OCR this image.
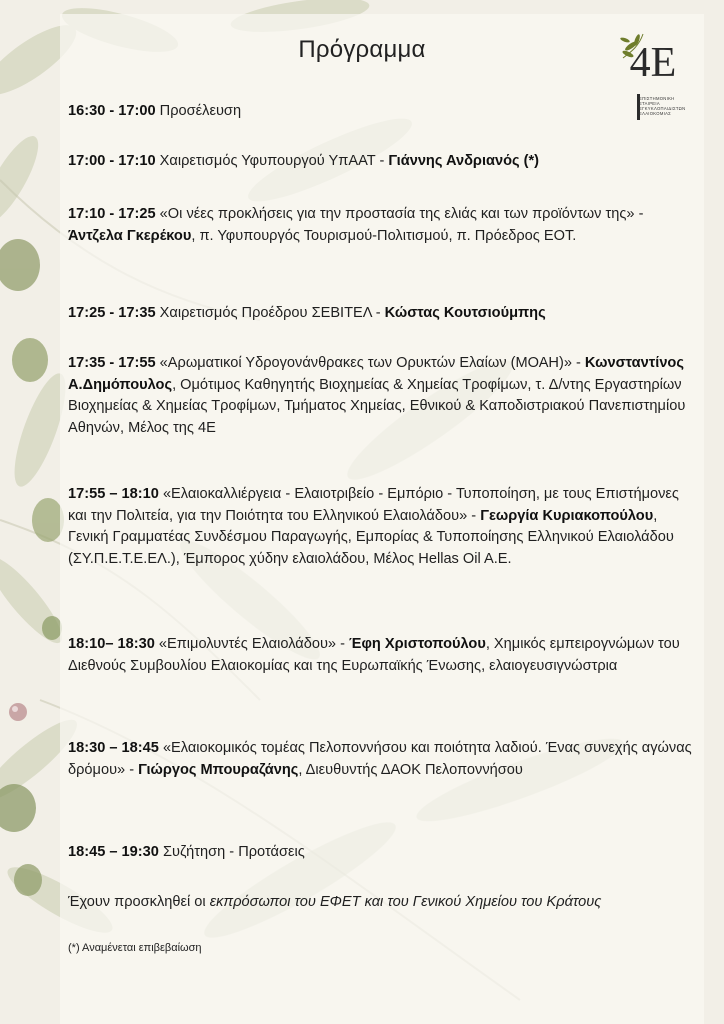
Πρόγραμμα	4E
ΕΠΙΣΤΗΜΟΝΙΚΗ
ΕΤΑΙΡΕΙΑ
ΕΓΚΥΚΛΟΠΑΙΔΙΣΤΩΝ
ΕΛΑΙΟΚΟΜΙΑΣ
16:30 - 17:00 Προσέλευση
17:00 - 17:10 Χαιρετισμός Υφυπουργού ΥπΑΑΤ - Γιάννης Ανδριανός (*)
17:10 - 17:25 «Οι νέες προκλήσεις για την προστασία της ελιάς και των προϊόντων της» - Άντζελα Γκερέκου, π. Υφυπουργός Τουρισμού-Πολιτισμού, π. Πρόεδρος ΕΟΤ.
17:25 - 17:35 Χαιρετισμός Προέδρου ΣΕΒΙΤΕΛ - Κώστας Κουτσιούμπης
17:35 - 17:55 «Αρωματικοί Υδρογονάνθρακες των Ορυκτών Ελαίων (ΜΟΑΗ)» - Κωνσταντίνος Α.Δημόπουλος, Ομότιμος Καθηγητής Βιοχημείας & Χημείας Τροφίμων, τ. Δ/ντης Εργαστηρίων Βιοχημείας & Χημείας Τροφίμων, Τμήματος Χημείας, Εθνικού & Καποδιστριακού Πανεπιστημίου Αθηνών, Μέλος της 4Ε
17:55 – 18:10 «Ελαιοκαλλιέργεια - Ελαιοτριβείο - Εμπόριο - Τυποποίηση, με τους Επιστήμονες και την Πολιτεία, για την Ποιότητα του Ελληνικού Ελαιολάδου» - Γεωργία Κυριακοπούλου, Γενική Γραμματέας Συνδέσμου Παραγωγής, Εμπορίας & Τυποποίησης Ελληνικού Ελαιολάδου (ΣΥ.Π.Ε.Τ.Ε.ΕΛ.), Έμπορος χύδην ελαιολάδου, Μέλος Hellas Oil A.E.
18:10– 18:30 «Επιμολυντές Ελαιολάδου» - Έφη Χριστοπούλου, Χημικός εμπειρογνώμων του Διεθνούς Συμβουλίου Ελαιοκομίας και της Ευρωπαϊκής Ένωσης, ελαιογευσιγνώστρια
18:30 – 18:45 «Ελαιοκομικός τομέας Πελοποννήσου και ποιότητα λαδιού. Ένας συνεχής αγώνας δρόμου» - Γιώργος Μπουραζάνης, Διευθυντής ΔΑΟΚ Πελοποννήσου
18:45 – 19:30 Συζήτηση - Προτάσεις
Έχουν προσκληθεί οι εκπρόσωποι του ΕΦΕΤ και του Γενικού Χημείου του Κράτους
(*) Αναμένεται επιβεβαίωση
